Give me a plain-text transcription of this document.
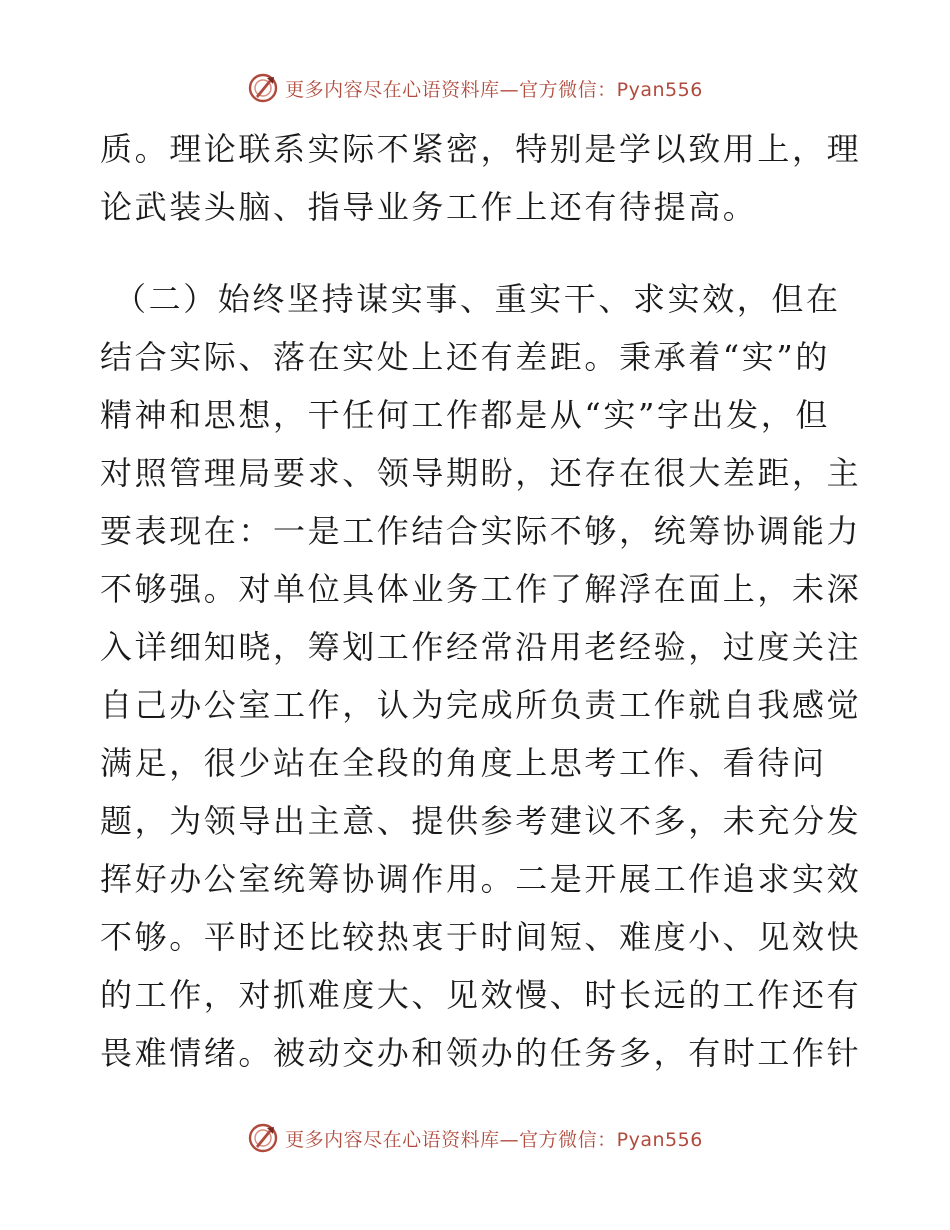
更多内容尽在心语资料库—官方微信：Pyan556
质。理论联系实际不紧密，特别是学以致用上，理
论武装头脑、指导业务工作上还有待提高。
（二）始终坚持谋实事、重实干、求实效，但在
结合实际、落在实处上还有差距。秉承着“实”的
精神和思想，干任何工作都是从“实”字出发，但
对照管理局要求、领导期盼，还存在很大差距，主
要表现在：一是工作结合实际不够，统筹协调能力
不够强。对单位具体业务工作了解浮在面上，未深
入详细知晓，筹划工作经常沿用老经验，过度关注
自己办公室工作，认为完成所负责工作就自我感觉
满足，很少站在全段的角度上思考工作、看待问
题，为领导出主意、提供参考建议不多，未充分发
挥好办公室统筹协调作用。二是开展工作追求实效
不够。平时还比较热衷于时间短、难度小、见效快
的工作，对抓难度大、见效慢、时长远的工作还有
畏难情绪。被动交办和领办的任务多，有时工作针
更多内容尽在心语资料库—官方微信：Pyan556
